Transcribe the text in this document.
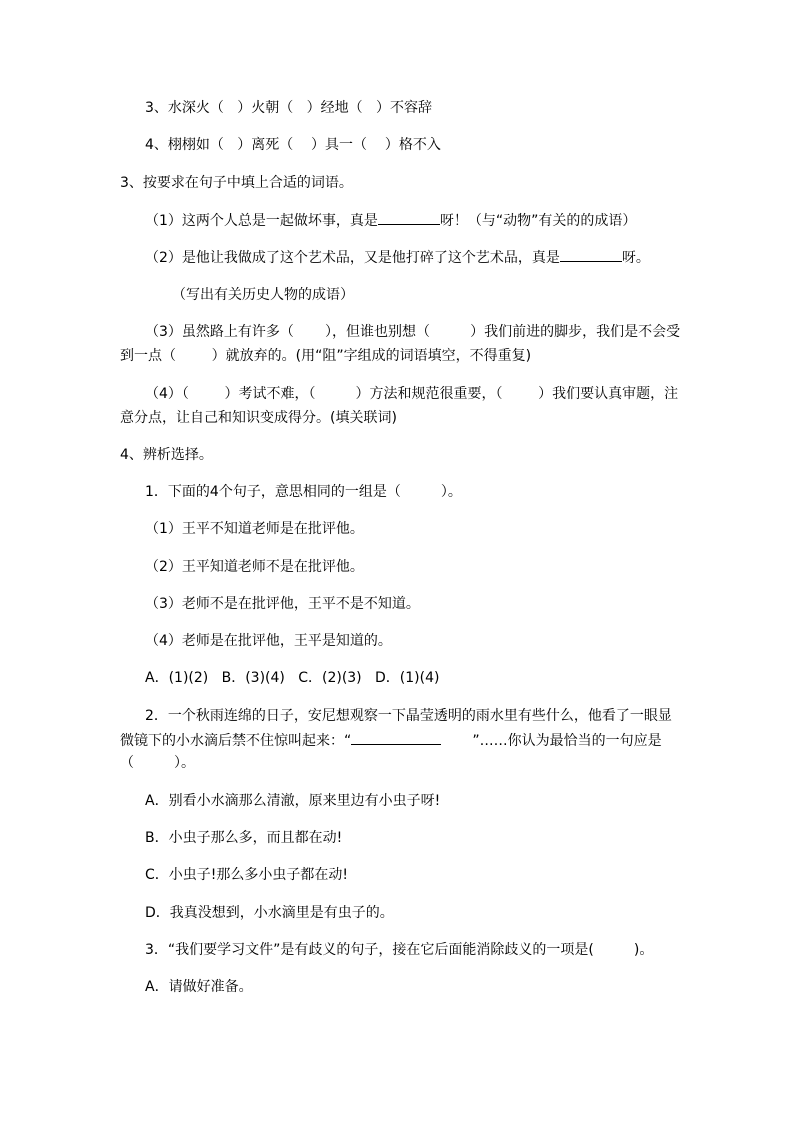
3、水深火（   ）火朝（   ）经地（   ）不容辞
4、栩栩如（   ）离死（    ）具一（    ）格不入
3、按要求在句子中填上合适的词语。
（1）这两个人总是一起做坏事，真是	呀！（与“动物”有关的的成语）
（2）是他让我做成了这个艺术品，又是他打碎了这个艺术品，真是	呀。
（写出有关历史人物的成语）
（3）虽然路上有许多（       ），但谁也别想（         ）我们前进的脚步，我们是不会受
到一点（        ）就放弃的。(用“阻”字组成的词语填空，不得重复)
（4）（        ）考试不难，（         ）方法和规范很重要，（        ）我们要认真审题，注
意分点，让自己和知识变成得分。(填关联词)
4、辨析选择。
1．下面的4个句子，意思相同的一组是（         ）。
（1）王平不知道老师是在批评他。
（2）王平知道老师不是在批评他。
（3）老师不是在批评他，王平不是不知道。
（4）老师是在批评他，王平是知道的。
A．(1)(2)   B．(3)(4)   C．(2)(3)   D．(1)(4)
2．一个秋雨连绵的日子，安尼想观察一下晶莹透明的雨水里有些什么，他看了一眼显
微镜下的小水滴后禁不住惊叫起来：“	”……你认为最恰当的一句应是
（         ）。
A．别看小水滴那么清澈，原来里边有小虫子呀!
B．小虫子那么多，而且都在动!
C．小虫子!那么多小虫子都在动!
D．我真没想到，小水滴里是有虫子的。
3．“我们要学习文件”是有歧义的句子，接在它后面能消除歧义的一项是(         )。
A．请做好准备。
